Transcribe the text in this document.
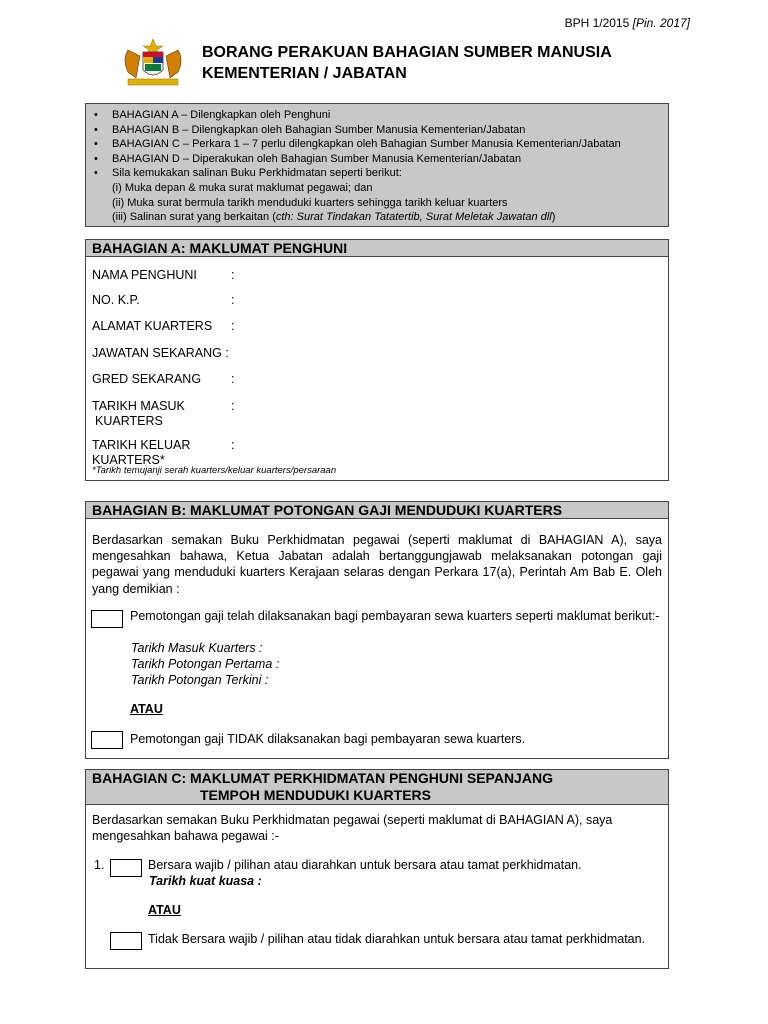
BPH 1/2015 [Pin. 2017]
BORANG PERAKUAN BAHAGIAN SUMBER MANUSIA
KEMENTERIAN / JABATAN
• BAHAGIAN A – Dilengkapkan oleh Penghuni
• BAHAGIAN B – Dilengkapkan oleh Bahagian Sumber Manusia Kementerian/Jabatan
• BAHAGIAN C – Perkara 1 – 7 perlu dilengkapkan oleh Bahagian Sumber Manusia Kementerian/Jabatan
• BAHAGIAN D – Diperakukan oleh Bahagian Sumber Manusia Kementerian/Jabatan
• Sila kemukakan salinan Buku Perkhidmatan seperti berikut:
(i) Muka depan & muka surat maklumat pegawai; dan
(ii) Muka surat bermula tarikh menduduki kuarters sehingga tarikh keluar kuarters
(iii) Salinan surat yang berkaitan (cth: Surat Tindakan Tatatertib, Surat Meletak Jawatan dll)
BAHAGIAN A: MAKLUMAT PENGHUNI
NAMA PENGHUNI	:
NO. K.P.	:
ALAMAT KUARTERS :
JAWATAN SEKARANG :
GRED SEKARANG :
TARIKH MASUK	:
KUARTERS
TARIKH KELUAR	:
KUARTERS*
*Tarikh temujanji serah kuarters/keluar kuarters/persaraan
BAHAGIAN B: MAKLUMAT POTONGAN GAJI MENDUDUKI KUARTERS
Berdasarkan semakan Buku Perkhidmatan pegawai (seperti maklumat di BAHAGIAN A), saya mengesahkan bahawa, Ketua Jabatan adalah bertanggungjawab melaksanakan potongan gaji pegawai yang menduduki kuarters Kerajaan selaras dengan Perkara 17(a), Perintah Am Bab E. Oleh yang demikian :
Pemotongan gaji telah dilaksanakan bagi pembayaran sewa kuarters seperti maklumat berikut:-
Tarikh Masuk Kuarters :
Tarikh Potongan Pertama :
Tarikh Potongan Terkini :
ATAU
Pemotongan gaji TIDAK dilaksanakan bagi pembayaran sewa kuarters.
BAHAGIAN C: MAKLUMAT PERKHIDMATAN PENGHUNI SEPANJANG
TEMPOH MENDUDUKI KUARTERS
Berdasarkan semakan Buku Perkhidmatan pegawai (seperti maklumat di BAHAGIAN A), saya mengesahkan bahawa pegawai :-
1.	Bersara wajib / pilihan atau diarahkan untuk bersara atau tamat perkhidmatan.
Tarikh kuat kuasa :
ATAU
Tidak Bersara wajib / pilihan atau tidak diarahkan untuk bersara atau tamat perkhidmatan.
